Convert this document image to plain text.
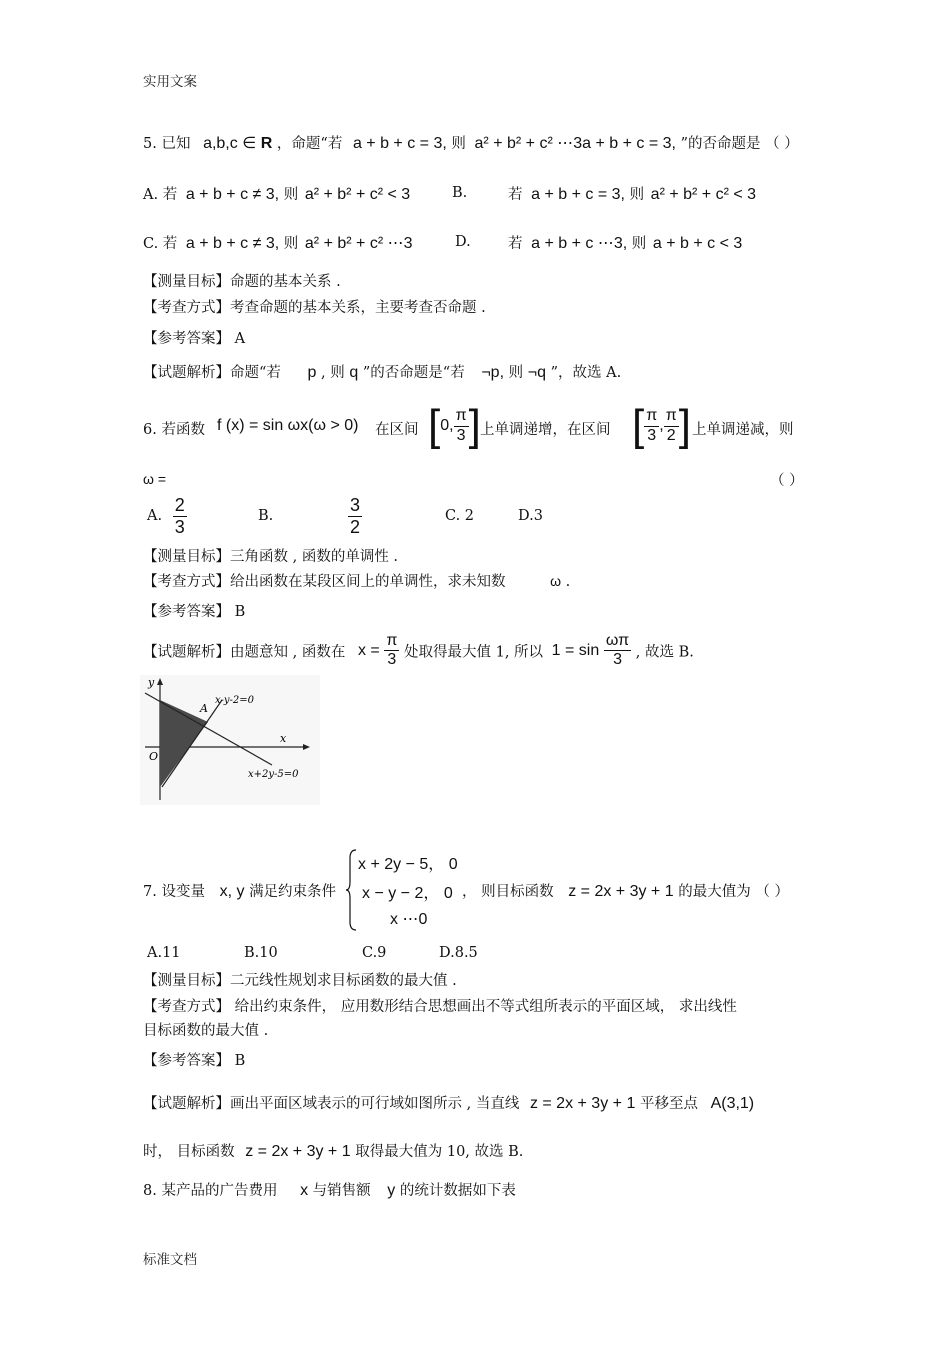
实用文案
5. 已知 a,b,c ∈ R ，命题“若 a + b + c = 3, 则 a² + b² + c² ⋯3a + b + c = 3, ”的否命题是 （ ）
A. 若 a + b + c ≠ 3, 则 a² + b² + c² < 3	B.	若 a + b + c = 3, 则 a² + b² + c² < 3
C. 若 a + b + c ≠ 3, 则 a² + b² + c² ⋯3	D.	若 a + b + c ⋯3, 则 a + b + c < 3
【测量目标】命题的基本关系 .
【考查方式】考查命题的基本关系，主要考查否命题 .
【参考答案】 A
【试题解析】命题“若 p , 则 q ”的否命题是“若 ¬p, 则 ¬q ”，故选 A.
6. 若函数 f (x) = sin ωx(ω > 0) 在区间 [0, $\frac{\pi}{3}$ ] 上单调递增，在区间 [ $\frac{\pi}{3}$ , $\frac{\pi}{2}$ ] 上单调递减，则
ω =	（ ）
A. $\frac{2}{3}$	B.	$\frac{3}{2}$	C. 2	D.3
【测量目标】三角函数 , 函数的单调性 .
【考查方式】给出函数在某段区间上的单调性，求未知数	ω .
【参考答案】 B
【试题解析】由题意知 , 函数在 $x = \frac{\pi}{3}$ 处取得最大值 1, 所以 $1 = \sin \frac{\omega\pi}{3}$ , 故选 B.
y
x
O
A
x-y-2=0
x+2y-5=0
7. 设变量 x, y 满足约束条件
x + 2y − 5， 0
x − y − 2， 0
x ⋯0
， 则目标函数 z = 2x + 3y + 1 的最大值为 （ ）
A.11	B.10	C.9	D.8.5
【测量目标】二元线性规划求目标函数的最大值 .
【考查方式】 给出约束条件， 应用数形结合思想画出不等式组所表示的平面区域， 求出线性
目标函数的最大值 .
【参考答案】 B
【试题解析】画出平面区域表示的可行域如图所示 , 当直线 z = 2x + 3y + 1 平移至点 A(3,1)
时， 目标函数 z = 2x + 3y + 1 取得最大值为 10, 故选 B.
8. 某产品的广告费用 x 与销售额 y 的统计数据如下表
标准文档
